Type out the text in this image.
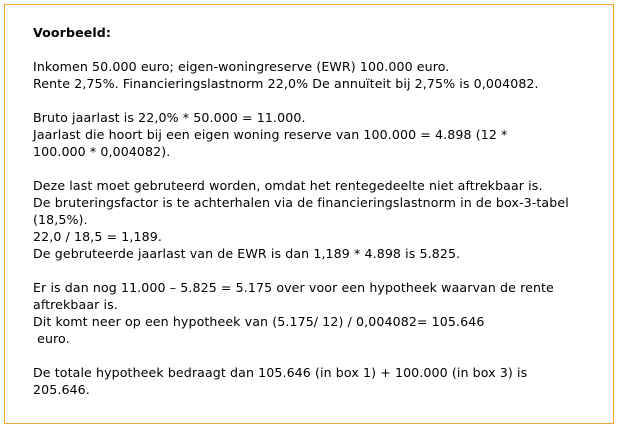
Voorbeeld:
Inkomen 50.000 euro; eigen-woningreserve (EWR) 100.000 euro.
Rente 2,75%. Financieringslastnorm 22,0% De annuïteit bij 2,75% is 0,004082.
Bruto jaarlast is 22,0% * 50.000 = 11.000.
Jaarlast die hoort bij een eigen woning reserve van 100.000 = 4.898 (12 *
100.000 * 0,004082).
Deze last moet gebruteerd worden, omdat het rentegedeelte niet aftrekbaar is.
De bruteringsfactor is te achterhalen via de financieringslastnorm in de box-3-tabel
(18,5%).
22,0 / 18,5 = 1,189.
De gebruteerde jaarlast van de EWR is dan 1,189 * 4.898 is 5.825.
Er is dan nog 11.000 – 5.825 = 5.175 over voor een hypotheek waarvan de rente
aftrekbaar is.
Dit komt neer op een hypotheek van (5.175/ 12) / 0,004082= 105.646
euro.
De totale hypotheek bedraagt dan 105.646 (in box 1) + 100.000 (in box 3) is
205.646.
